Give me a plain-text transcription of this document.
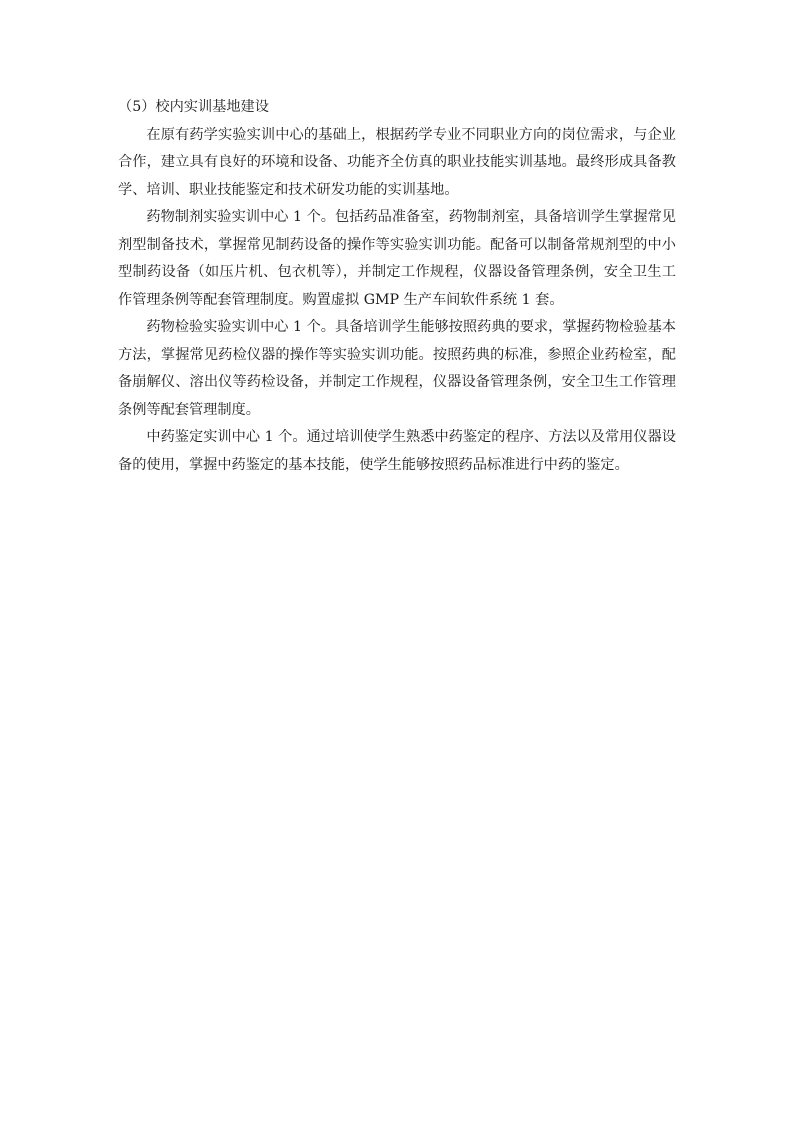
（5）校内实训基地建设

在原有药学实验实训中心的基础上，根据药学专业不同职业方向的岗位需求，与企业合作，建立具有良好的环境和设备、功能齐全仿真的职业技能实训基地。最终形成具备教学、培训、职业技能鉴定和技术研发功能的实训基地。

药物制剂实验实训中心 1 个。包括药品准备室，药物制剂室，具备培训学生掌握常见剂型制备技术，掌握常见制药设备的操作等实验实训功能。配备可以制备常规剂型的中小型制药设备（如压片机、包衣机等），并制定工作规程，仪器设备管理条例，安全卫生工作管理条例等配套管理制度。购置虚拟 GMP 生产车间软件系统 1 套。

药物检验实验实训中心 1 个。具备培训学生能够按照药典的要求，掌握药物检验基本方法，掌握常见药检仪器的操作等实验实训功能。按照药典的标准，参照企业药检室，配备崩解仪、溶出仪等药检设备，并制定工作规程，仪器设备管理条例，安全卫生工作管理条例等配套管理制度。

中药鉴定实训中心 1 个。通过培训使学生熟悉中药鉴定的程序、方法以及常用仪器设备的使用，掌握中药鉴定的基本技能，使学生能够按照药品标准进行中药的鉴定。
